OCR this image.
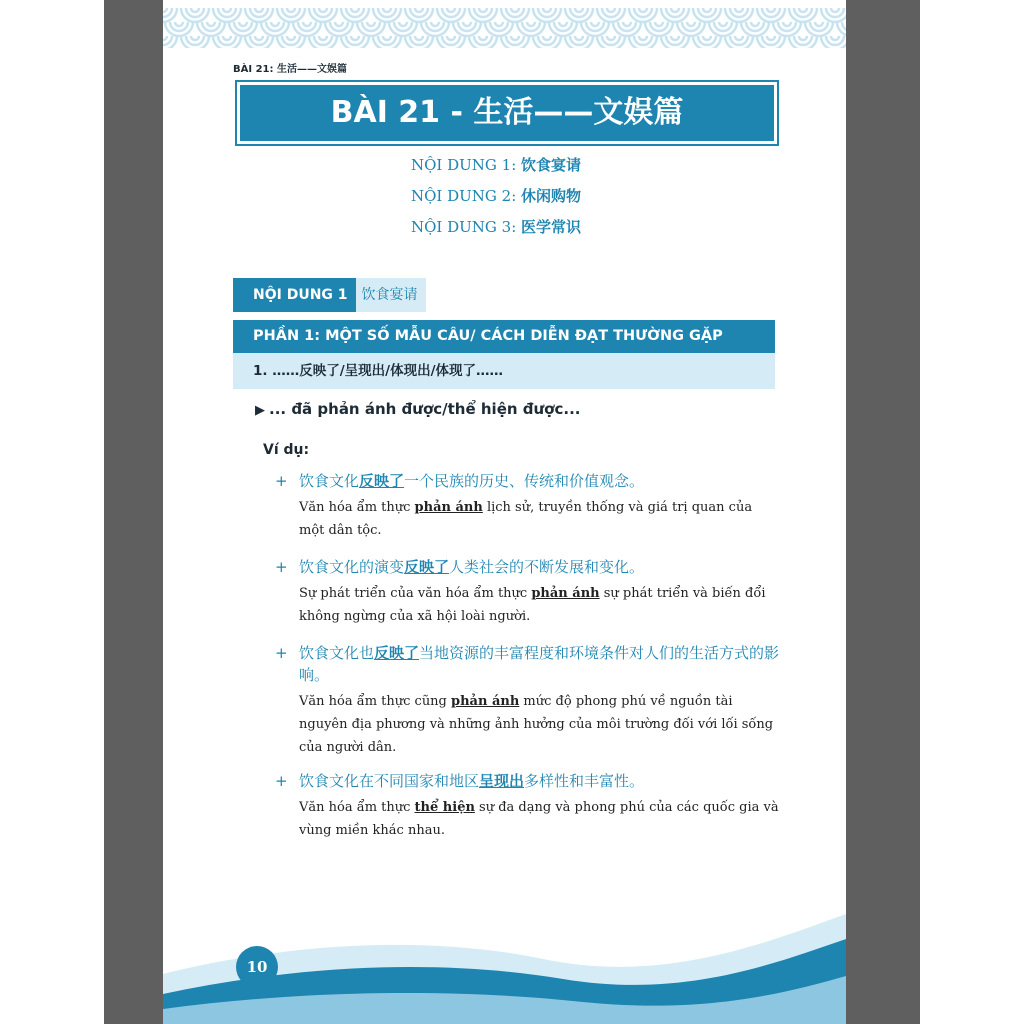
BÀI 21: 生活——文娱篇
BÀI 21 - 生活——文娱篇
NỘI DUNG 1: 饮食宴请
NỘI DUNG 2: 休闲购物
NỘI DUNG 3: 医学常识
NỘI DUNG 1	饮食宴请
PHẦN 1: MỘT SỐ MẪU CÂU/ CÁCH DIỄN ĐẠT THƯỜNG GẶP
1. ……反映了/呈现出/体现出/体现了……
▶ ... đã phản ánh được/thể hiện được...
Ví dụ:
+ 饮食文化反映了一个民族的历史、传统和价值观念。
Văn hóa ẩm thực phản ánh lịch sử, truyền thống và giá trị quan của một dân tộc.
+ 饮食文化的演变反映了人类社会的不断发展和变化。
Sự phát triển của văn hóa ẩm thực phản ánh sự phát triển và biến đổi không ngừng của xã hội loài người.
+ 饮食文化也反映了当地资源的丰富程度和环境条件对人们的生活方式的影响。
Văn hóa ẩm thực cũng phản ánh mức độ phong phú về nguồn tài nguyên địa phương và những ảnh hưởng của môi trường đối với lối sống của người dân.
+ 饮食文化在不同国家和地区呈现出多样性和丰富性。
Văn hóa ẩm thực thể hiện sự đa dạng và phong phú của các quốc gia và vùng miền khác nhau.
10
